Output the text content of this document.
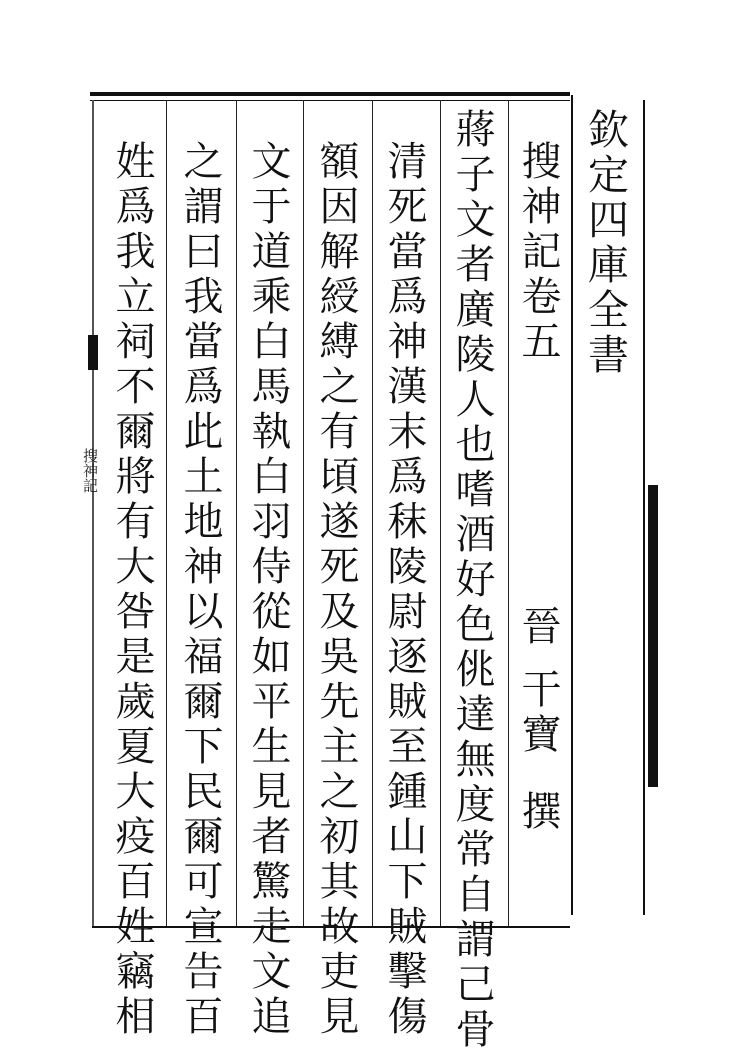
欽定四庫全書
搜神記卷五
晉
干寶
撰
蔣子文者廣陵人也嗜酒好色佻達無度常自謂己骨
清死當爲神漢末爲秣陵尉逐賊至鍾山下賊擊傷
額因解綬縛之有頃遂死及吳先主之初其故吏見
文于道乘白馬執白羽侍從如平生見者驚走文追
之謂曰我當爲此土地神以福爾下民爾可宣告百
姓爲我立祠不爾將有大咎是歲夏大疫百姓竊相
搜神記
